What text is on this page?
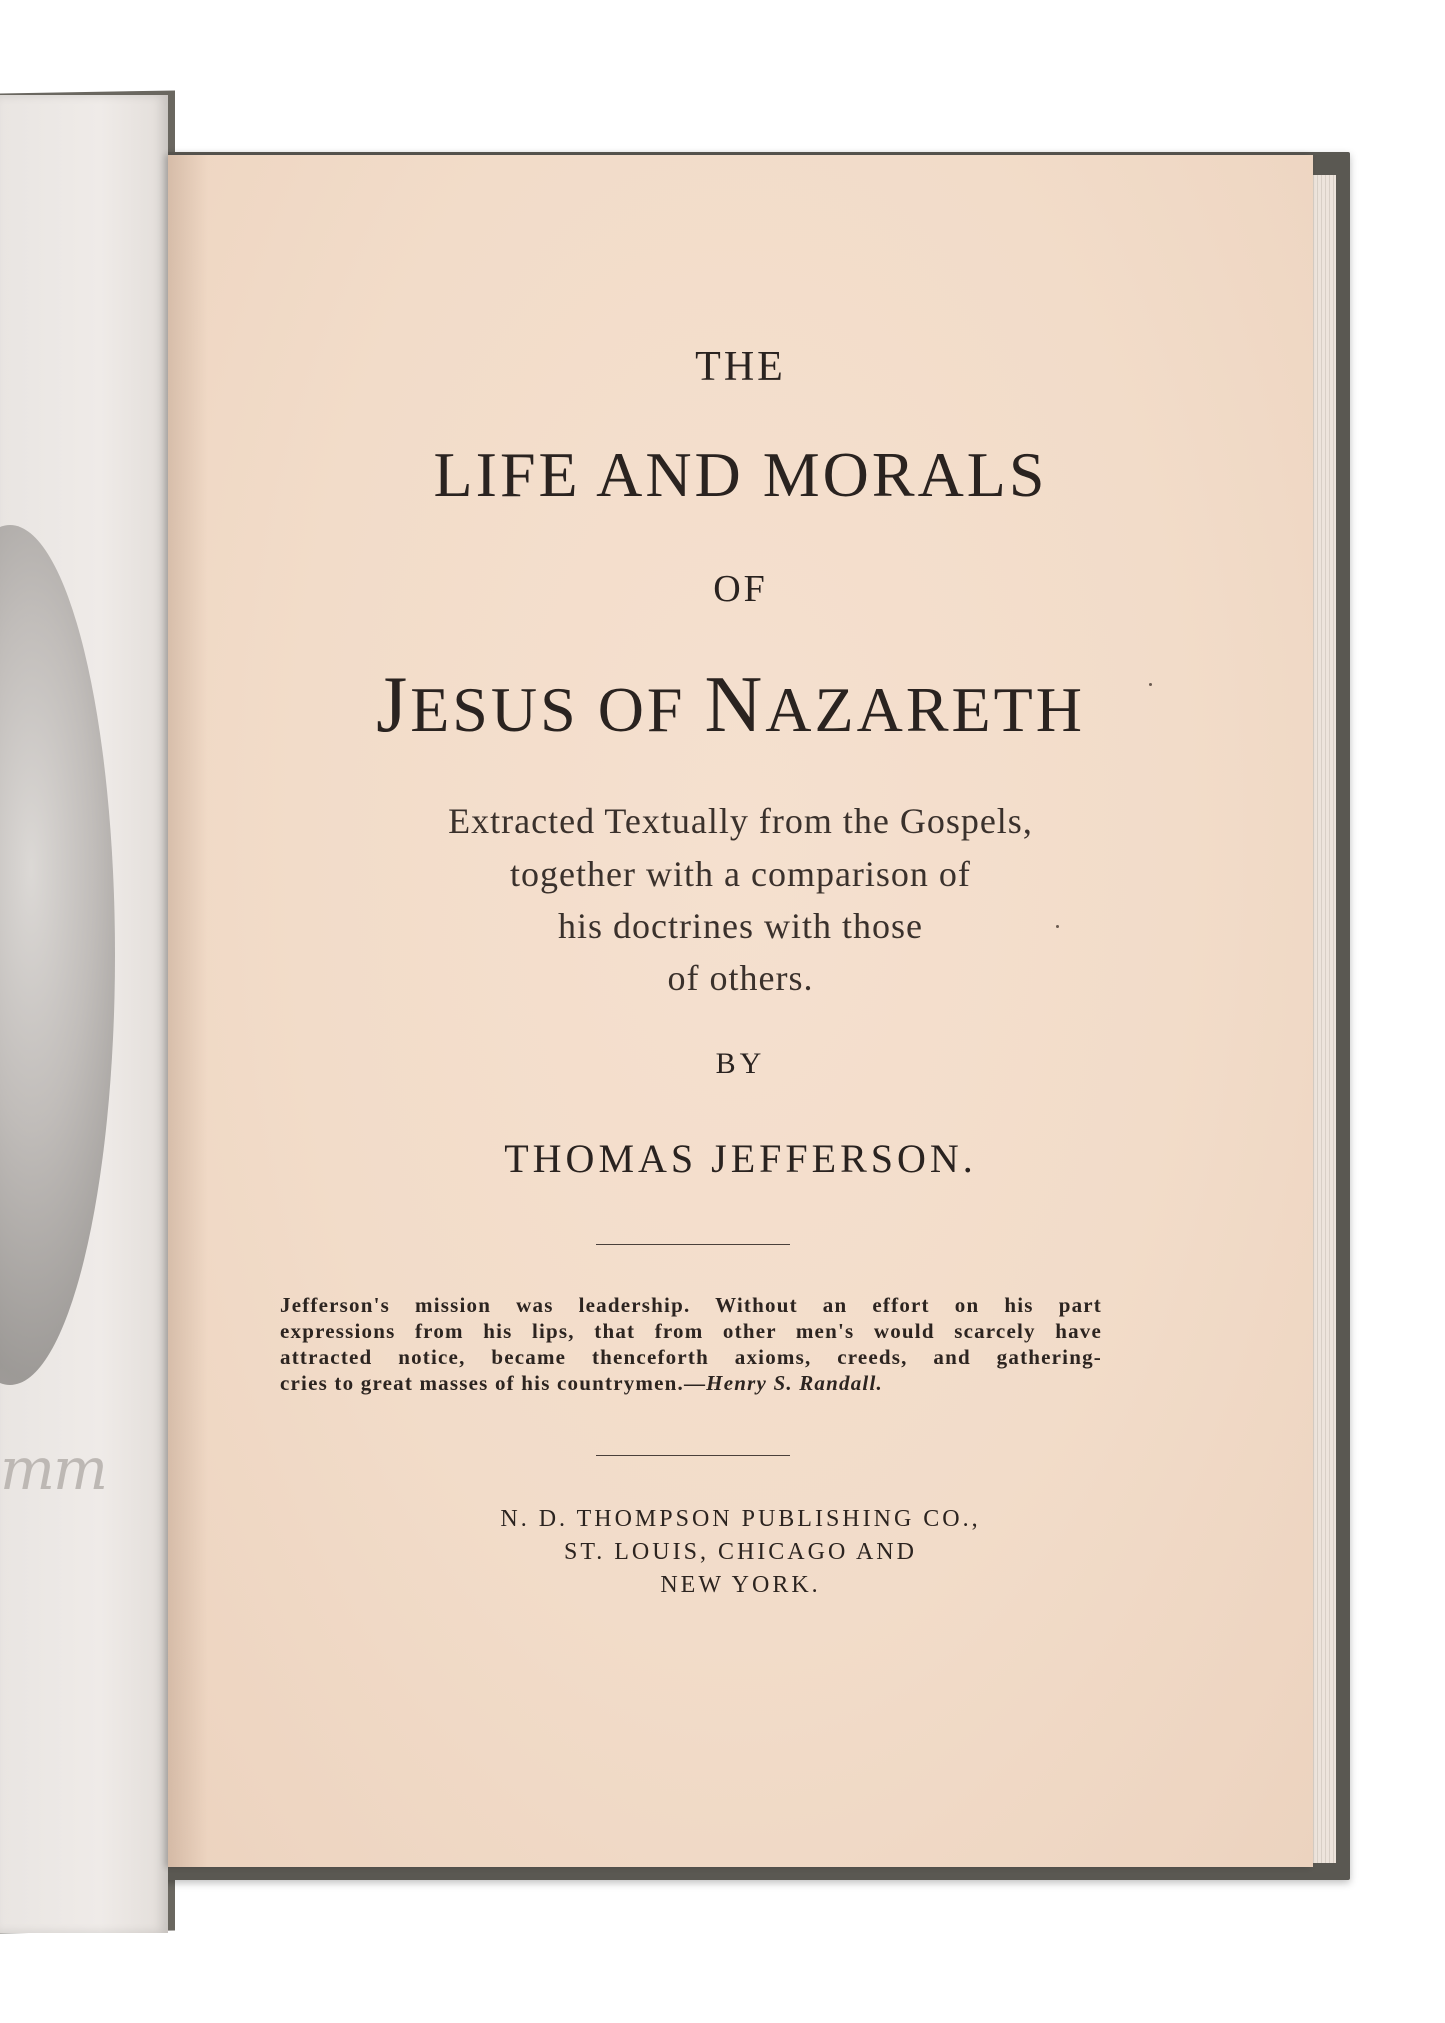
mm
THE
LIFE AND MORALS
OF
JESUS OF NAZARETH
Extracted Textually from the Gospels,
together with a comparison of
his doctrines with those
of others.
BY
THOMAS JEFFERSON.
Jefferson's mission was leadership. Without an effort on his part
expressions from his lips, that from other men's would scarcely have
attracted notice, became thenceforth axioms, creeds, and gathering-
cries to great masses of his countrymen.—Henry S. Randall.
N. D. THOMPSON PUBLISHING CO.,
ST. LOUIS, CHICAGO AND
NEW YORK.
